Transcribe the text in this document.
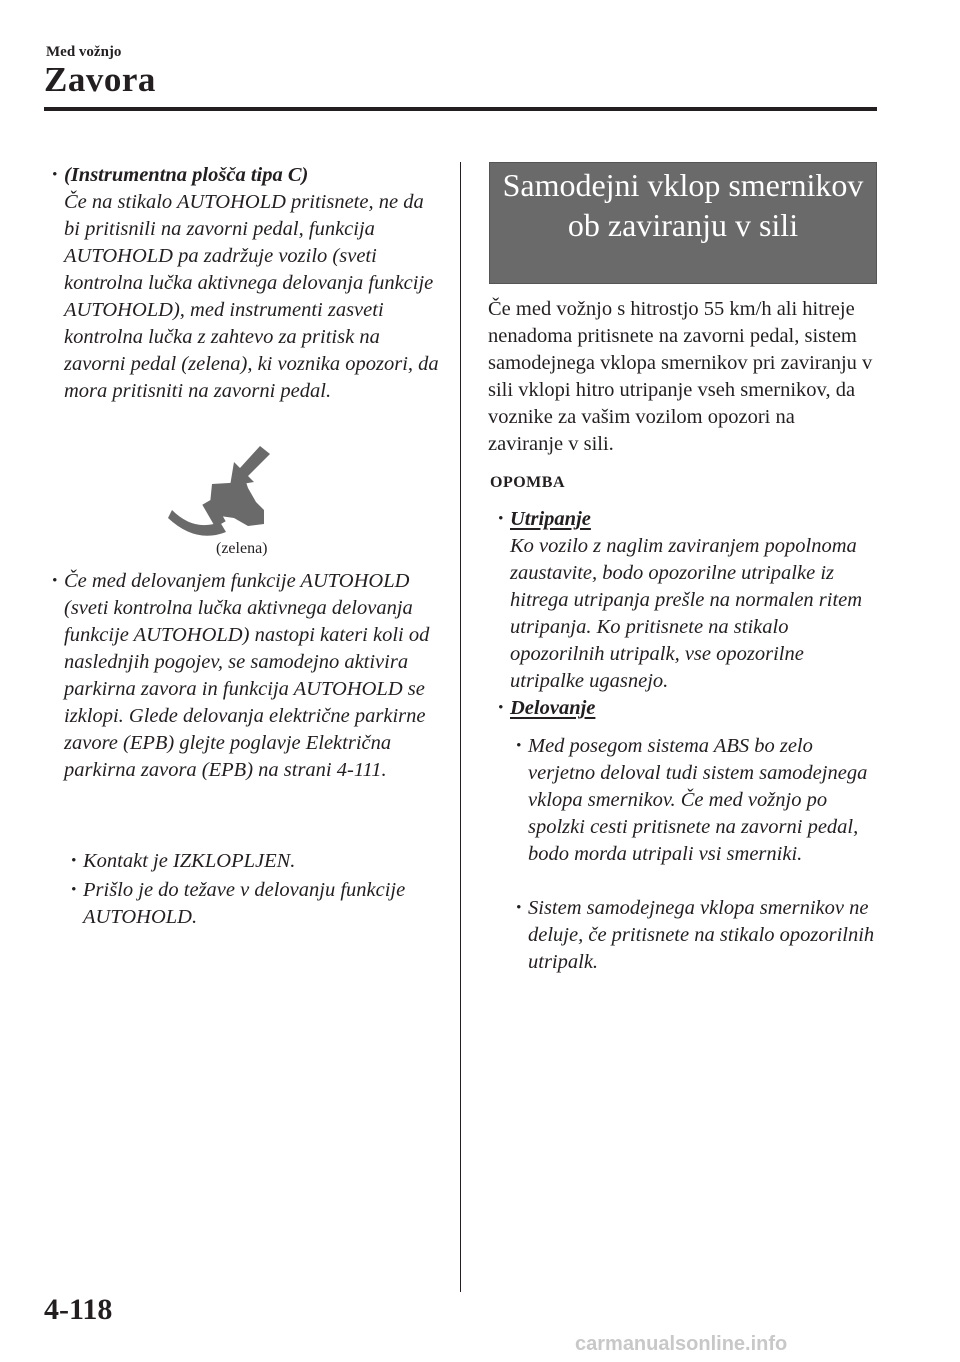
Med vožnjo
Zavora
• (Instrumentna plošča tipa C)
Če na stikalo AUTOHOLD pritisnete, ne da bi pritisnili na zavorni pedal, funkcija AUTOHOLD pa zadržuje vozilo (sveti kontrolna lučka aktivnega delovanja funkcije AUTOHOLD), med instrumenti zasveti kontrolna lučka z zahtevo za pritisk na zavorni pedal (zelena), ki voznika opozori, da mora pritisniti na zavorni pedal.
(zelena)
• Če med delovanjem funkcije AUTOHOLD (sveti kontrolna lučka aktivnega delovanja funkcije AUTOHOLD) nastopi kateri koli od naslednjih pogojev, se samodejno aktivira parkirna zavora in funkcija AUTOHOLD se izklopi. Glede delovanja električne parkirne zavore (EPB) glejte poglavje Električna parkirna zavora (EPB) na strani 4-111.
• Kontakt je IZKLOPLJEN.
• Prišlo je do težave v delovanju funkcije AUTOHOLD.
Samodejni vklop smernikov ob zaviranju v sili
Če med vožnjo s hitrostjo 55 km/h ali hitreje nenadoma pritisnete na zavorni pedal, sistem samodejnega vklopa smernikov pri zaviranju v sili vklopi hitro utripanje vseh smernikov, da voznike za vašim vozilom opozori na zaviranje v sili.
OPOMBA
• Utripanje
Ko vozilo z naglim zaviranjem popolnoma zaustavite, bodo opozorilne utripalke iz hitrega utripanja prešle na normalen ritem utripanja. Ko pritisnete na stikalo opozorilnih utripalk, vse opozorilne utripalke ugasnejo.
• Delovanje
• Med posegom sistema ABS bo zelo verjetno deloval tudi sistem samodejnega vklopa smernikov. Če med vožnjo po spolzki cesti pritisnete na zavorni pedal, bodo morda utripali vsi smerniki.
• Sistem samodejnega vklopa smernikov ne deluje, če pritisnete na stikalo opozorilnih utripalk.
4-118
carmanualsonline.info
